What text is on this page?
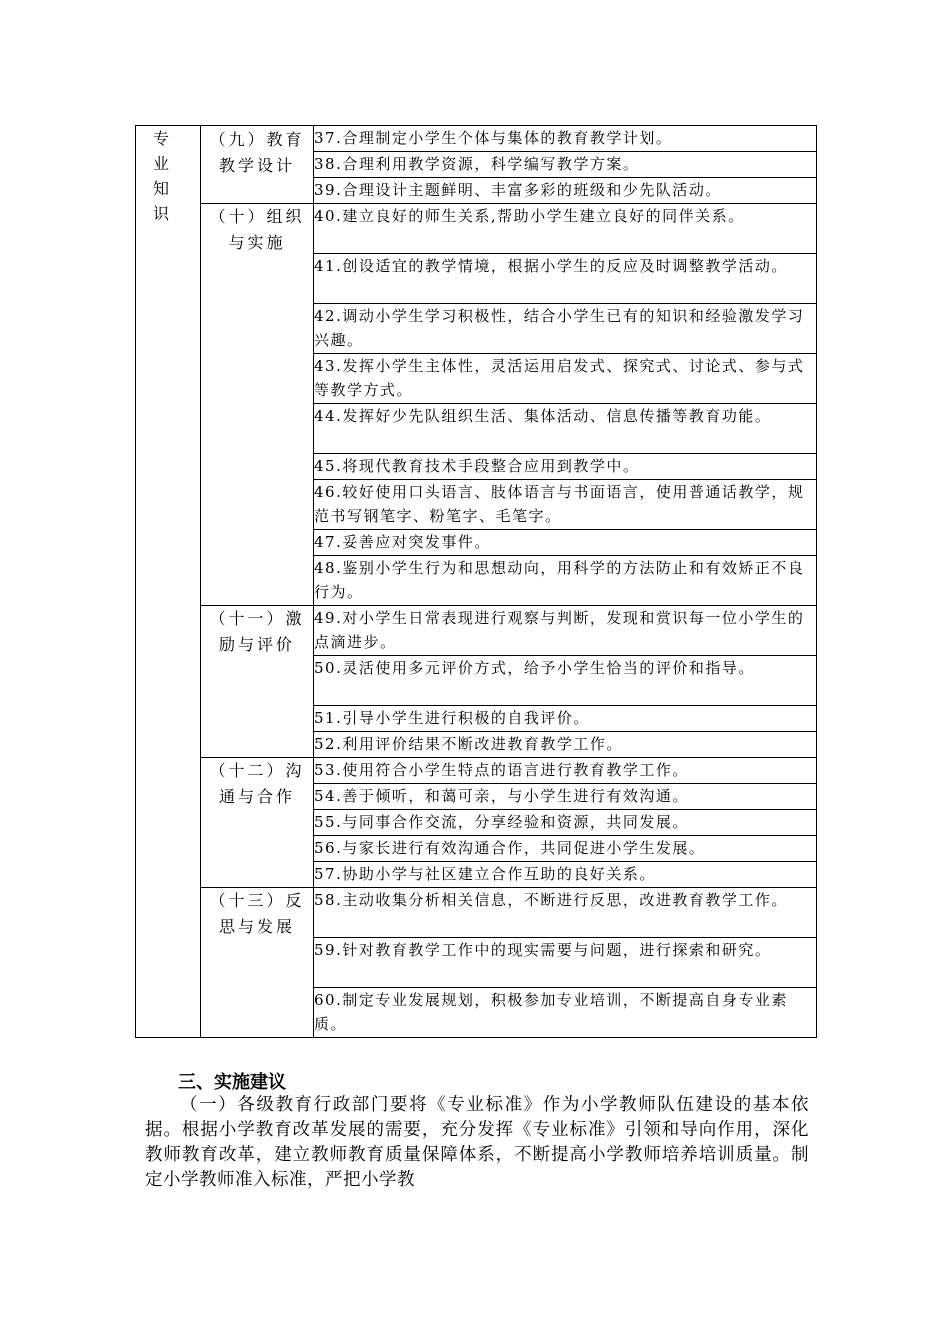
专 业 知 识	（九）教育教学设计	37.合理制定小学生个体与集体的教育教学计划。
		38.合理利用教学资源，科学编写教学方案。
		39.合理设计主题鲜明、丰富多彩的班级和少先队活动。
	（十）组织与实施	40.建立良好的师生关系,帮助小学生建立良好的同伴关系。
		41.创设适宜的教学情境，根据小学生的反应及时调整教学活动。
		42.调动小学生学习积极性，结合小学生已有的知识和经验激发学习兴趣。
		43.发挥小学生主体性，灵活运用启发式、探究式、讨论式、参与式等教学方式。
		44.发挥好少先队组织生活、集体活动、信息传播等教育功能。
		45.将现代教育技术手段整合应用到教学中。
		46.较好使用口头语言、肢体语言与书面语言，使用普通话教学，规范书写钢笔字、粉笔字、毛笔字。
		47.妥善应对突发事件。
		48.鉴别小学生行为和思想动向，用科学的方法防止和有效矫正不良行为。
	（十一）激励与评价	49.对小学生日常表现进行观察与判断，发现和赏识每一位小学生的点滴进步。
		50.灵活使用多元评价方式，给予小学生恰当的评价和指导。
		51.引导小学生进行积极的自我评价。
		52.利用评价结果不断改进教育教学工作。
	（十二）沟通与合作	53.使用符合小学生特点的语言进行教育教学工作。
		54.善于倾听，和蔼可亲，与小学生进行有效沟通。
		55.与同事合作交流，分享经验和资源，共同发展。
		56.与家长进行有效沟通合作，共同促进小学生发展。
		57.协助小学与社区建立合作互助的良好关系。
	（十三）反思与发展	58.主动收集分析相关信息，不断进行反思，改进教育教学工作。
		59.针对教育教学工作中的现实需要与问题，进行探索和研究。
		60.制定专业发展规划，积极参加专业培训，不断提高自身专业素质。
三、实施建议
（一）各级教育行政部门要将《专业标准》作为小学教师队伍建设的基本依据。根据小学教育改革发展的需要，充分发挥《专业标准》引领和导向作用，深化教师教育改革，建立教师教育质量保障体系，不断提高小学教师培养培训质量。制定小学教师准入标准，严把小学教
